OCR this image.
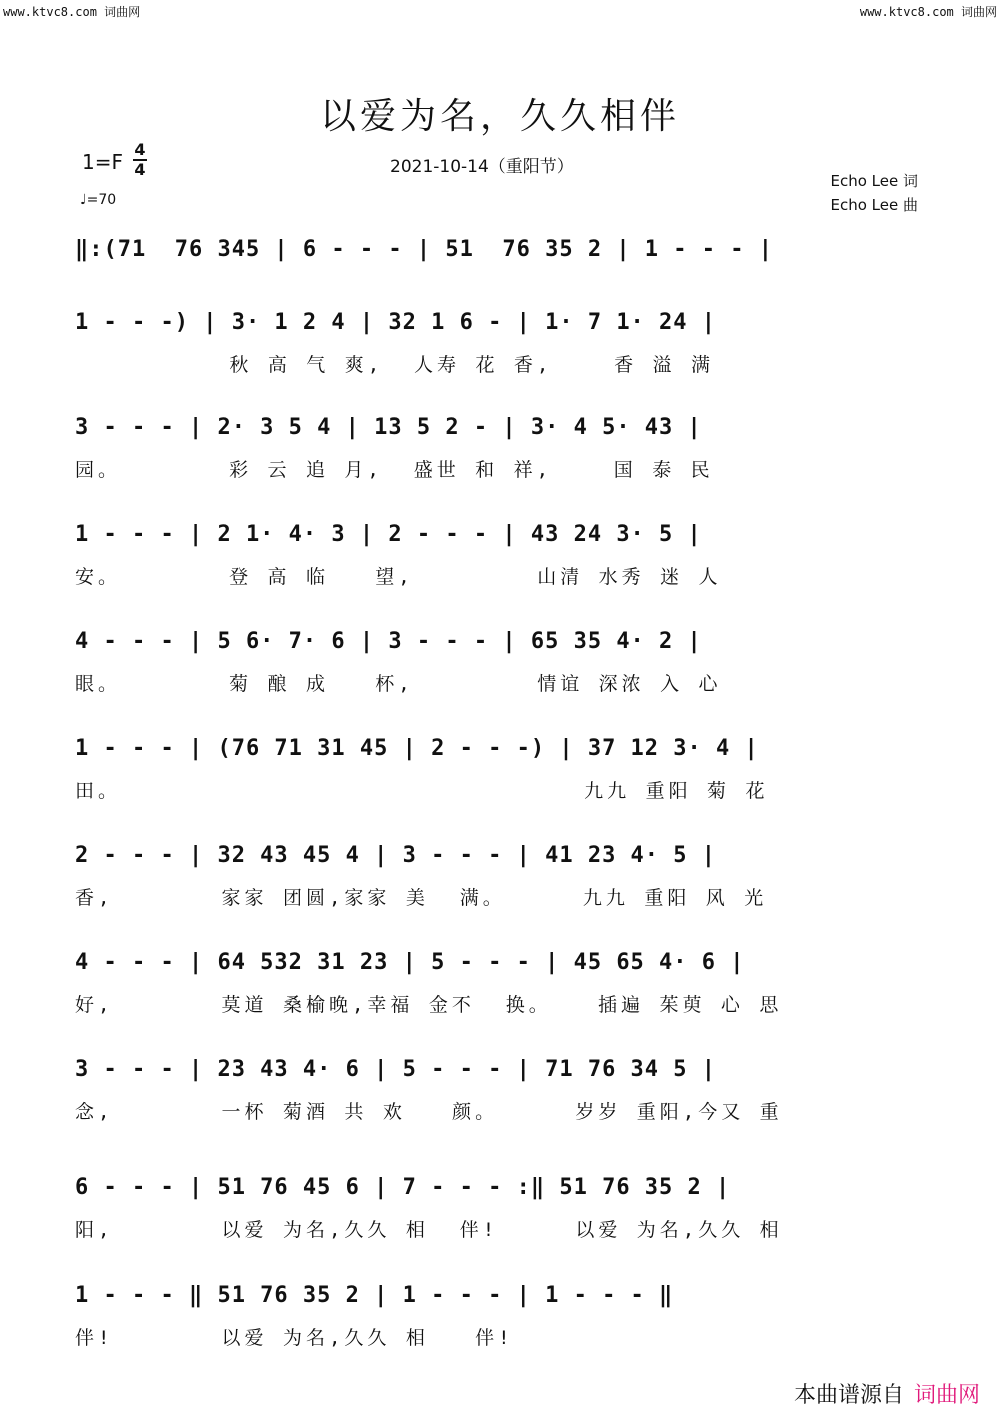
www.ktvc8.com 词曲网	www.ktvc8.com 词曲网
以爱为名，久久相伴
2021-10-14（重阳节）
1=F
4
4
♩=70
Echo Lee 词
Echo Lee 曲
‖:(71  76 345 | 6 - - - | 51  76 35 2 | 1 - - - |
1 - - -) | 3· 1 2 4 | 32 1 6 - | 1· 7 1· 24 |
秋 高 气 爽,  人寿 花 香,    香 溢 满
3 - - - | 2· 3 5 4 | 13 5 2 - | 3· 4 5· 43 |
园。       彩 云 追 月,  盛世 和 祥,    国 泰 民
1 - - - | 2 1· 4· 3 | 2 - - - | 43 24 3· 5 |
安。       登 高 临   望,        山清 水秀 迷 人
4 - - - | 5 6· 7· 6 | 3 - - - | 65 35 4· 2 |
眼。       菊 酿 成   杯,        情谊 深浓 入 心
1 - - - | (76 71 31 45 | 2 - - -) | 37 12 3· 4 |
田。                              九九 重阳 菊 花
2 - - - | 32 43 45 4 | 3 - - - | 41 23 4· 5 |
香,       家家 团圆,家家 美  满。     九九 重阳 风 光
4 - - - | 64 532 31 23 | 5 - - - | 45 65 4· 6 |
好,       莫道 桑榆晚,幸福 金不  换。   插遍 茱萸 心 思
3 - - - | 23 43 4· 6 | 5 - - - | 71 76 34 5 |
念,       一杯 菊酒 共 欢   颜。     岁岁 重阳,今又 重
6 - - - | 51 76 45 6 | 7 - - - :‖ 51 76 35 2 |
阳,       以爱 为名,久久 相  伴!     以爱 为名,久久 相
1 - - - ‖ 51 76 35 2 | 1 - - - | 1 - - - ‖
伴!       以爱 为名,久久 相   伴!
本曲谱源自 词曲网
